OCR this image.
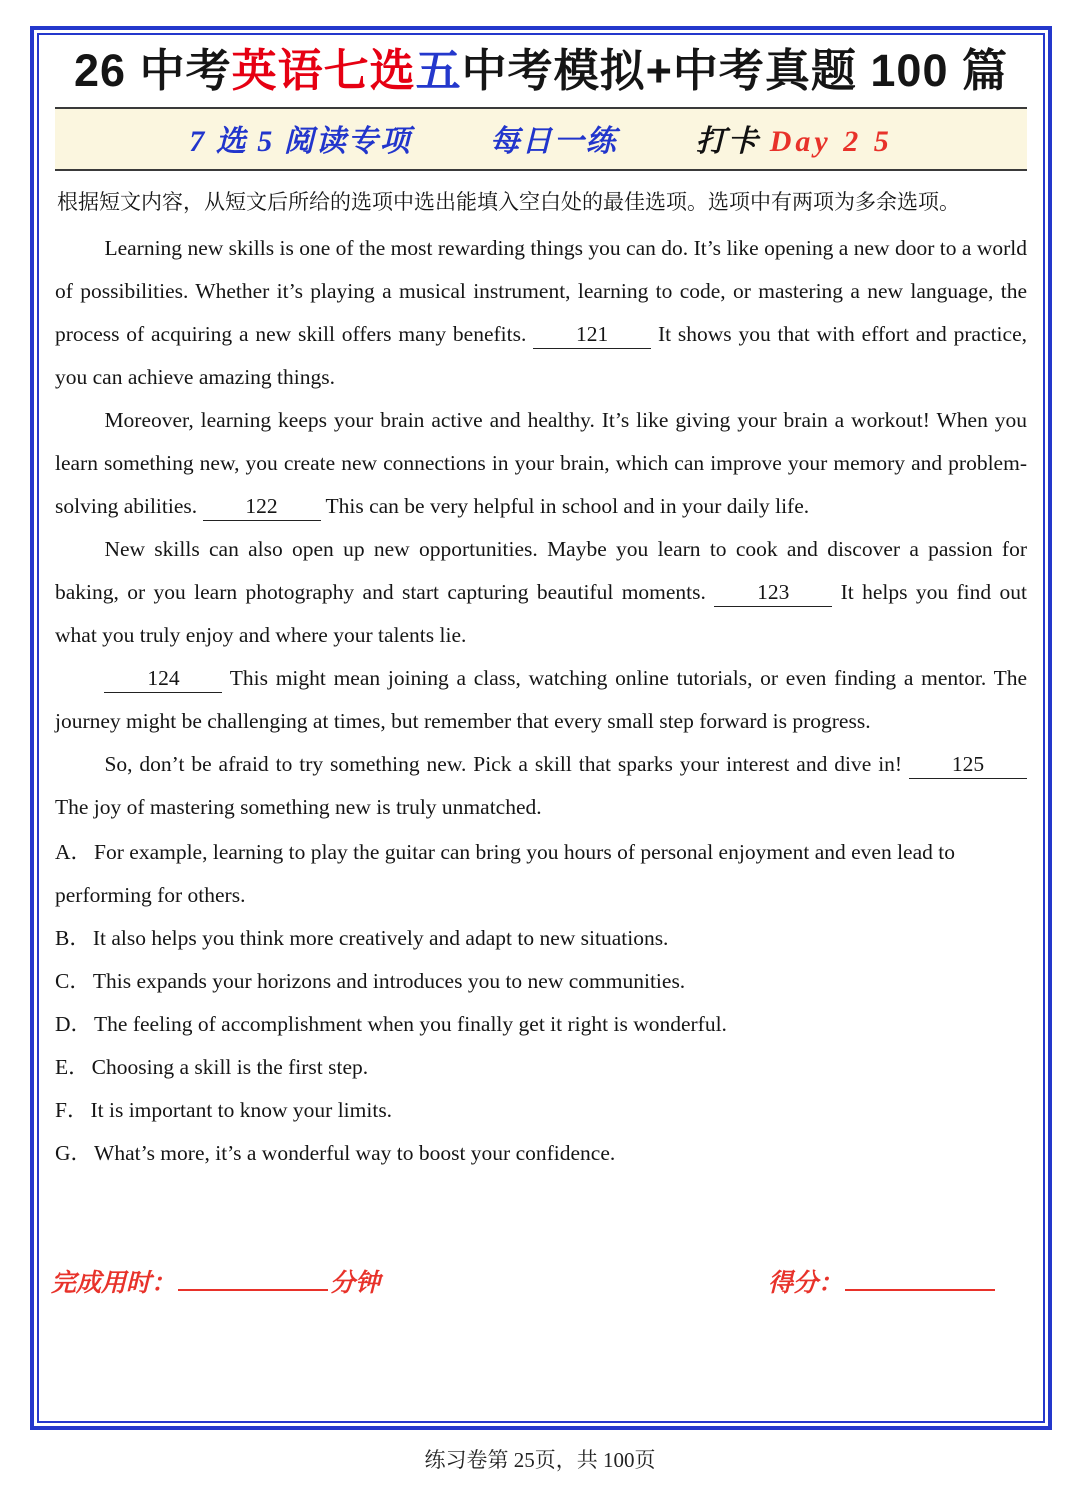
26 中考英语七选五中考模拟+中考真题 100 篇
7 选 5 阅读专项	每日一练	打卡 Day 2 5

根据短文内容，从短文后所给的选项中选出能填入空白处的最佳选项。选项中有两项为多余选项。

Learning new skills is one of the most rewarding things you can do. It’s like opening a new door to a world of possibilities. Whether it’s playing a musical instrument, learning to code, or mastering a new language, the process of acquiring a new skill offers many benefits. 121 It shows you that with effort and practice, you can achieve amazing things.

Moreover, learning keeps your brain active and healthy. It’s like giving your brain a workout! When you learn something new, you create new connections in your brain, which can improve your memory and problem-solving abilities. 122 This can be very helpful in school and in your daily life.

New skills can also open up new opportunities. Maybe you learn to cook and discover a passion for baking, or you learn photography and start capturing beautiful moments. 123 It helps you find out what you truly enjoy and where your talents lie.

124 This might mean joining a class, watching online tutorials, or even finding a mentor. The journey might be challenging at times, but remember that every small step forward is progress.

So, don’t be afraid to try something new. Pick a skill that sparks your interest and dive in! 125 The joy of mastering something new is truly unmatched.

A．For example, learning to play the guitar can bring you hours of personal enjoyment and even lead to performing for others.

B．It also helps you think more creatively and adapt to new situations.

C．This expands your horizons and introduces you to new communities.

D．The feeling of accomplishment when you finally get it right is wonderful.

E．Choosing a skill is the first step.

F．It is important to know your limits.

G．What’s more, it’s a wonderful way to boost your confidence.

完成用时：	分钟	得分：

练习卷第 25页，共 100页
